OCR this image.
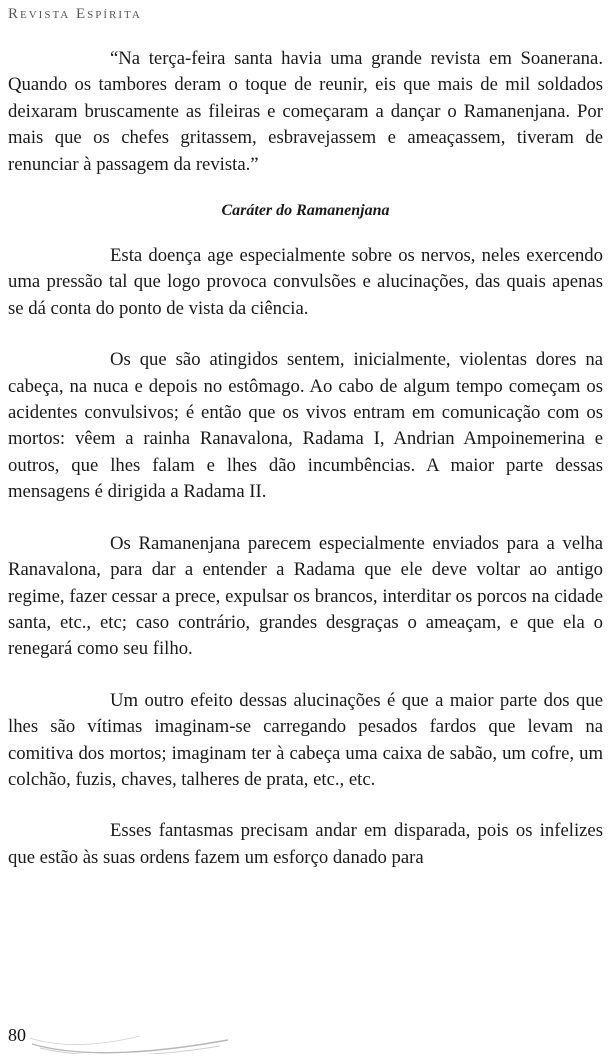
Revista Espírita

“Na terça-feira santa havia uma grande revista em Soanerana. Quando os tambores deram o toque de reunir, eis que mais de mil soldados deixaram bruscamente as fileiras e começaram a dançar o Ramanenjana. Por mais que os chefes gritassem, esbravejassem e ameaçassem, tiveram de renunciar à passagem da revista.”

Caráter do Ramanenjana

Esta doença age especialmente sobre os nervos, neles exercendo uma pressão tal que logo provoca convulsões e alucinações, das quais apenas se dá conta do ponto de vista da ciência.

Os que são atingidos sentem, inicialmente, violentas dores na cabeça, na nuca e depois no estômago. Ao cabo de algum tempo começam os acidentes convulsivos; é então que os vivos entram em comunicação com os mortos: vêem a rainha Ranavalona, Radama I, Andrian Ampoinemerina e outros, que lhes falam e lhes dão incumbências. A maior parte dessas mensagens é dirigida a Radama II.

Os Ramanenjana parecem especialmente enviados para a velha Ranavalona, para dar a entender a Radama que ele deve voltar ao antigo regime, fazer cessar a prece, expulsar os brancos, interditar os porcos na cidade santa, etc., etc; caso contrário, grandes desgraças o ameaçam, e que ela o renegará como seu filho.

Um outro efeito dessas alucinações é que a maior parte dos que lhes são vítimas imaginam-se carregando pesados fardos que levam na comitiva dos mortos; imaginam ter à cabeça uma caixa de sabão, um cofre, um colchão, fuzis, chaves, talheres de prata, etc., etc.

Esses fantasmas precisam andar em disparada, pois os infelizes que estão às suas ordens fazem um esforço danado para

80
